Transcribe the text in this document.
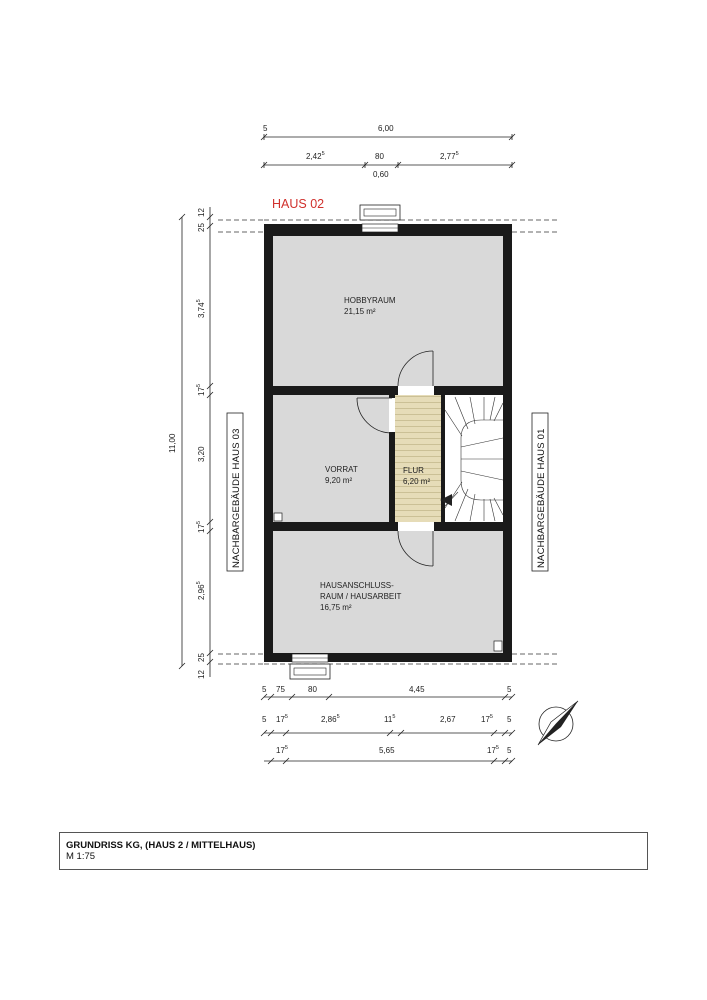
5	6,00
2,42$^5$	80	2,77$^5$
0,60
HAUS 02
11,00
12
25
3,74$^5$
$17^5$
3,20
$17^5$
2,96$^5$
25
12
NACHBARGEBÄUDE HAUS 03	NACHBARGEBÄUDE HAUS 01
HOBBYRAUM
21,15 m²
VORRAT
9,20 m²
FLUR
6,20 m²
HAUSANSCHLUSS-
RAUM / HAUSARBEIT
16,75 m²
5 75	80	4,45	5
5 $17^5$	2,86$^5$	$11^5$	2,67	$17^5$ 5
$17^5$	5,65	$17^5$ 5
GRUNDRISS KG, (HAUS 2 / MITTELHAUS)
M 1:75
